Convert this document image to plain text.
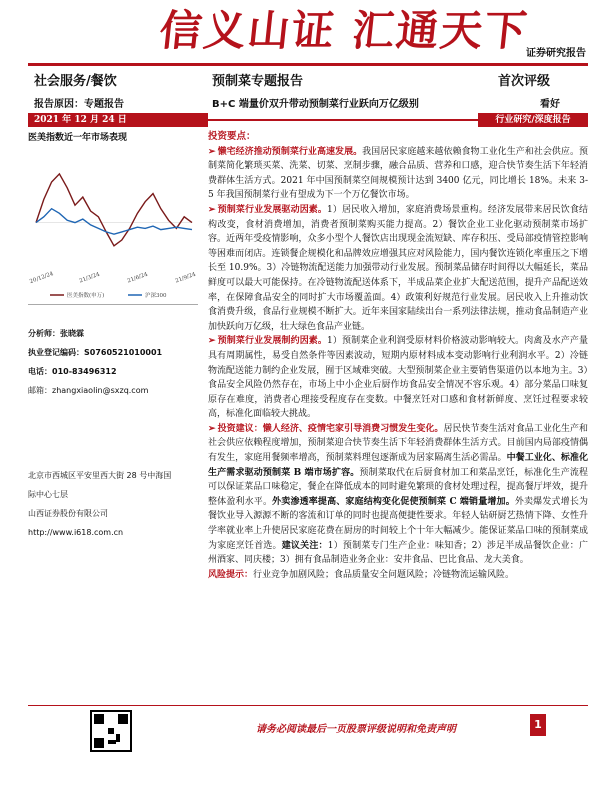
信义山证 汇通天下
证券研究报告
社会服务/餐饮	预制菜专题报告	首次评级
报告原因：专题报告	B+C 端量价双升带动预制菜行业跃向万亿级别	看好
2021 年 12 月 24 日	行业研究/深度报告
医美指数近一年市场表现
20/12/24	21/3/24	21/6/24	21/9/24
医美指数(申万)	沪深300
分析师：张晓霖
执业登记编码：S0760521010001
电话：010-83496312
邮箱：zhangxiaolin@sxzq.com
北京市西城区平安里西大街 28 号中海国
际中心七层
山西证券股份有限公司
http://www.i618.com.cn
投资要点：

➢ 懒宅经济推动预制菜行业高速发展。我国居民家庭越来越依赖食物工业化生产和社会供应。预制菜简化繁琐买菜、洗菜、切菜、烹制步骤，融合品质、营养和口感，迎合快节奏生活下年轻消费群体生活方式。2021 年中国预制菜空间规模预计达到 3400 亿元，同比增长 18%。未来 3-5 年我国预制菜行业有望成为下一个万亿餐饮市场。

➢ 预制菜行业发展驱动因素。1）居民收入增加，家庭消费场景重构。经济发展带来居民饮食结构改变，食材消费增加，消费者预制菜购买能力提高。2）餐饮企业工业化驱动预制菜市场扩容。近两年受疫情影响，众多小型个人餐饮店出现现金流短缺、库存积压、受局部疫情管控影响等困难而闭店。连锁餐企规模化和品牌效应增强其应对风险能力，国内餐饮连锁化率重压之下增长至 10.9%。3）冷链物流配送能力加强带动行业发展。预制菜品储存时间得以大幅延长，菜品鲜度可以最大可能保持。在冷链物流配送体系下，半成品菜企业扩大配送范围，提升产品配送效率，在保障食品安全的同时扩大市场覆盖面。4）政策利好规范行业发展。居民收入上升推动饮食消费升级，食品行业规模不断扩大。近年来国家陆续出台一系列法律法规，推动食品制造产业加快跃向万亿级，壮大绿色食品产业链。

➢ 预制菜行业发展制约因素。1）预制菜企业利润受原材料价格波动影响较大。肉禽及水产产量具有周期属性，易受自然条件等因素波动，短期内原材料成本变动影响行业利润水平。2）冷链物流配送能力制约企业发展，囿于区域难突破。大型预制菜企业主要销售渠道仍以本地为主。3）食品安全风险仍然存在，市场上中小企业后厨作坊食品安全情况不容乐观。4）部分菜品口味复原存在难度，消费者心理接受程度存在变数。中餐烹饪对口感和食材新鲜度、烹饪过程要求较高，标准化面临较大挑战。

➢ 投资建议：懒人经济、疫情宅家引导消费习惯发生变化。居民快节奏生活对食品工业化生产和社会供应依赖程度增加，预制菜迎合快节奏生活下年轻消费群体生活方式。目前国内局部疫情偶有发生，家庭用餐频率增高，预制菜料理包逐渐成为居家隔离生活必需品。中餐工业化、标准化生产需求驱动预制菜 B 端市场扩容。预制菜取代在后厨食材加工和菜品烹饪，标准化生产流程可以保证菜品口味稳定，餐企在降低成本的同时避免繁琐的食材处理过程，提高餐厅坪效，提升整体盈利水平。外卖渗透率提高、家庭结构变化促使预制菜 C 端销量增加。外卖爆发式增长为餐饮业导入源源不断的客流和订单的同时也提高便捷性要求。年轻人钻研厨艺热情下降、女性升学率就业率上升使居民家庭花费在厨房的时间较上个十年大幅减少。能保证菜品口味的预制菜成为家庭烹饪首选。建议关注：1）预制菜专门生产企业：味知香；2）涉足半成品餐饮企业：广州酒家、同庆楼；3）拥有食品制造业务企业：安井食品、巴比食品、龙大美食。

风险提示：行业竞争加剧风险；食品质量安全问题风险；冷链物流运输风险。

请务必阅读最后一页股票评级说明和免责声明	1
